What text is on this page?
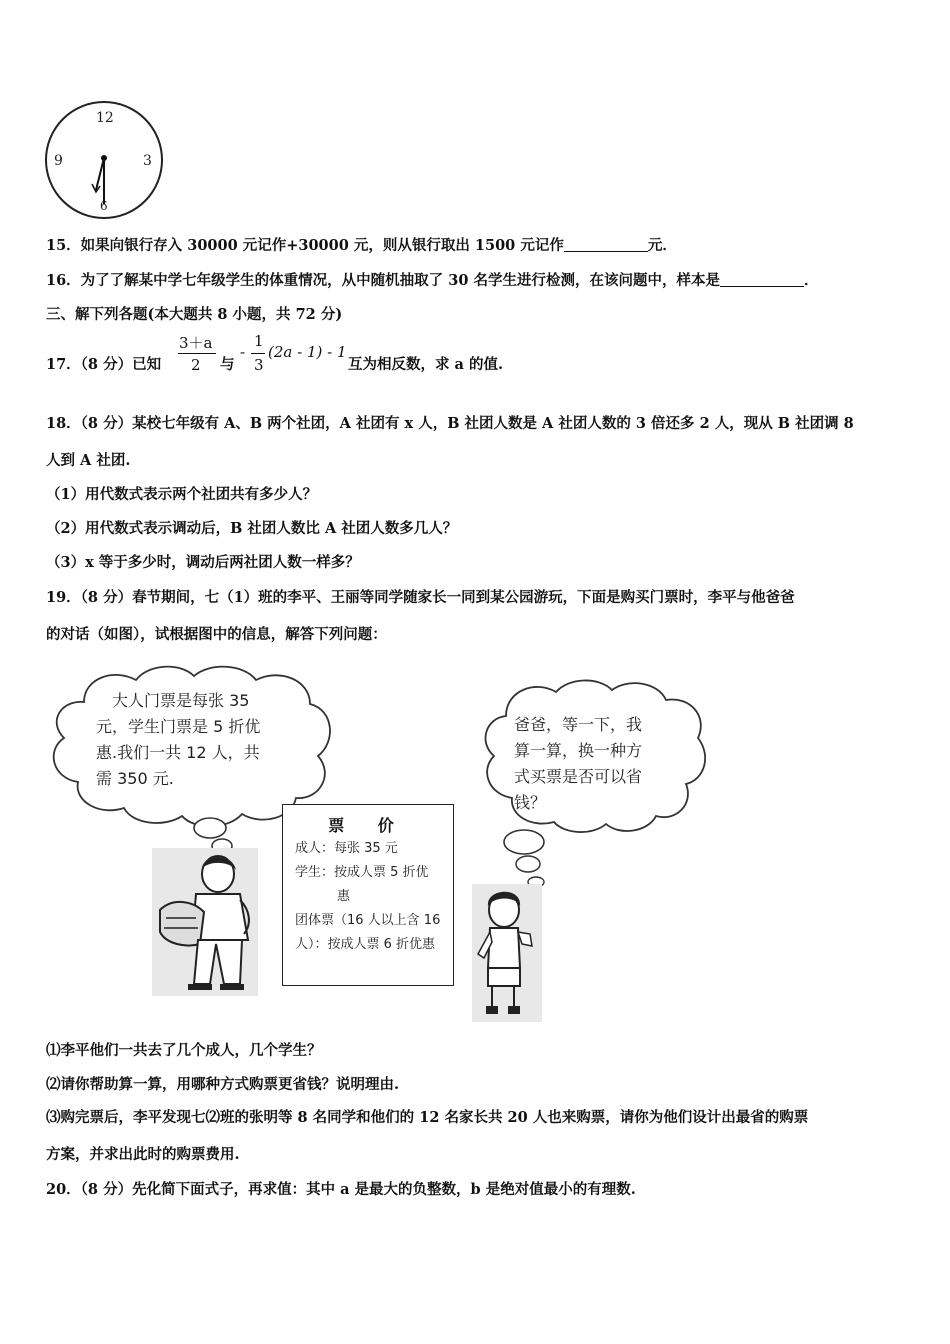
12
3
9
6
15．如果向银行存入 30000 元记作+30000 元，则从银行取出 1500 元记作	元．
16．为了了解某中学七年级学生的体重情况，从中随机抽取了 30 名学生进行检测，在该问题中，样本是	．
三、解下列各题(本大题共 8 小题，共 72 分)
17．（8 分）已知
3＋a
2 与
-
1
3
(2a - 1) - 1
互为相反数，求 a 的值.
18．（8 分）某校七年级有 A、B 两个社团，A 社团有 x 人，B 社团人数是 A 社团人数的 3 倍还多 2 人，现从 B 社团调 8
人到 A 社团.
（1）用代数式表示两个社团共有多少人？
（2）用代数式表示调动后，B 社团人数比 A 社团人数多几人？
（3）x 等于多少时，调动后两社团人数一样多？
19．（8 分）春节期间，七（1）班的李平、王丽等同学随家长一同到某公园游玩，下面是购买门票时，李平与他爸爸
的对话（如图），试根据图中的信息，解答下列问题：
大人门票是每张 35
元，学生门票是 5 折优
惠.我们一共 12 人，共
需 350 元.
爸爸，等一下，我
算一算，换一种方
式买票是否可以省
钱？
票 价
成人：每张 35 元
学生：按成人票 5 折优
惠
团体票（16 人以上含 16
人）：按成人票 6 折优惠
⑴李平他们一共去了几个成人，几个学生？
⑵请你帮助算一算，用哪种方式购票更省钱？说明理由.
⑶购完票后，李平发现七⑵班的张明等 8 名同学和他们的 12 名家长共 20 人也来购票，请你为他们设计出最省的购票
方案，并求出此时的购票费用.
20．（8 分）先化简下面式子，再求值：其中 a 是最大的负整数，b 是绝对值最小的有理数.
